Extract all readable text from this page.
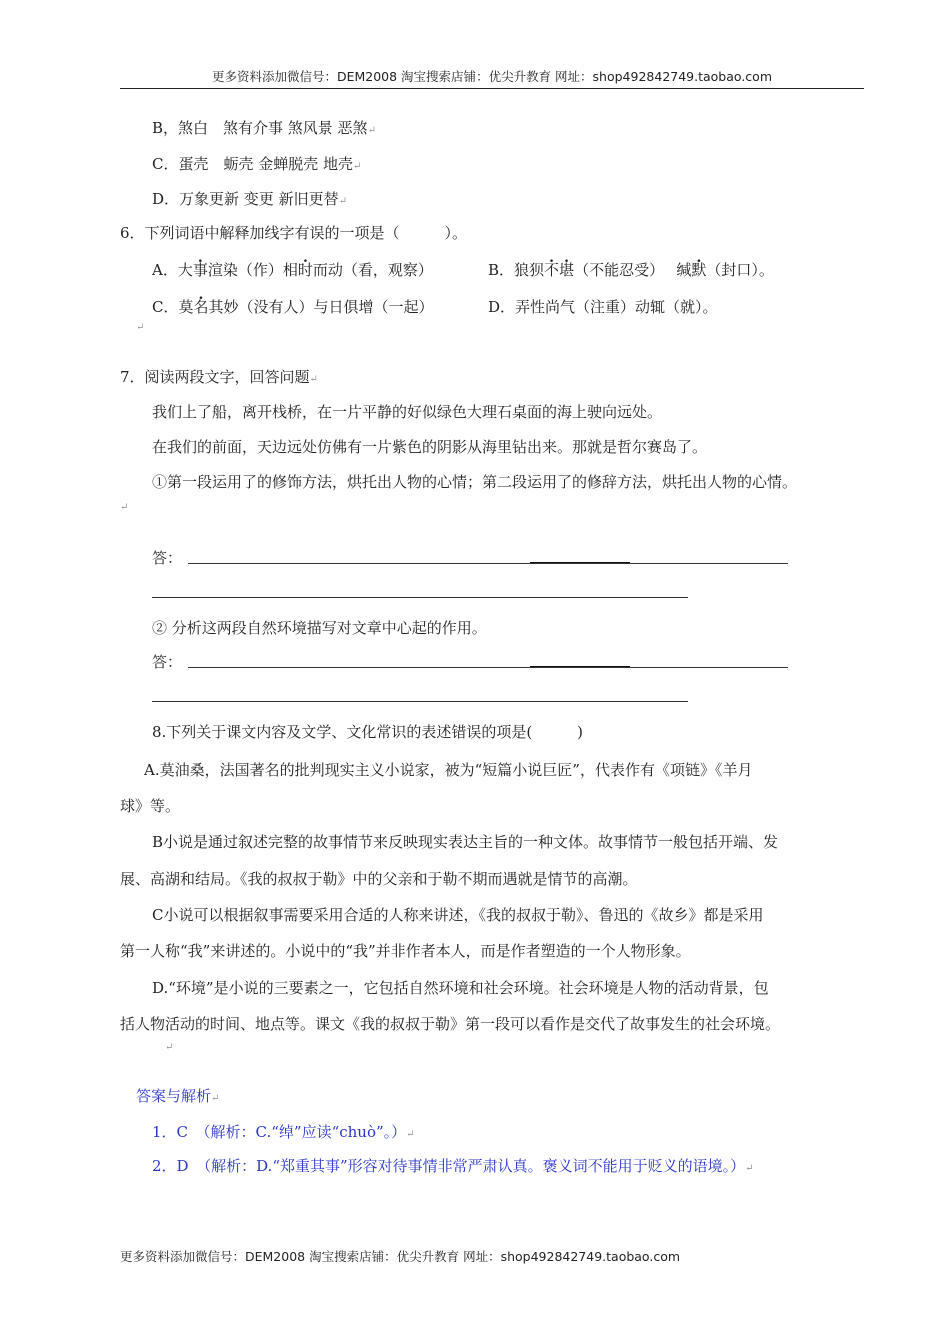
更多资料添加微信号：DEM2008 淘宝搜索店铺：优尖升教育 网址：shop492842749.taobao.com
B，煞白　煞有介事 煞风景 恶煞↵
C．蛋壳　蛎壳 金蝉脱壳 地壳↵
D．万象更新 变更 新旧更替↵
6．下列词语中解释加线字有误的一项是（　　　）。
A．大事渲染（作）相时而动（看，观察）	B．狼狈不堪（不能忍受）　 缄默（封口）。
C．莫名其妙（没有人）与日俱增（一起）	D．弄性尚气（注重）动辄（就）。
↵
7．阅读两段文字，回答问题↵
我们上了船，离开栈桥，在一片平静的好似绿色大理石桌面的海上驶向远处。
在我们的前面，天边远处仿佛有一片紫色的阴影从海里钻出来。那就是哲尔赛岛了。
①第一段运用了的修饰方法，烘托出人物的心情；第二段运用了的修辞方法，烘托出人物的心情。
↵
答：
② 分析这两段自然环境描写对文章中心起的作用。
答：
8.下列关于课文内容及文学、文化常识的表述错误的项是(　　　)
A.莫油桑，法国著名的批判现实主义小说家，被为“短篇小说巨匠”，代表作有《项链》《羊月
球》等。
B小说是通过叙述完整的故事情节来反映现实表达主旨的一种文体。故事情节一般包括开端、发
展、高湖和结局。《我的叔叔于勒》中的父亲和于勒不期而遇就是情节的高潮。
C小说可以根据叙事需要采用合适的人称来讲述，《我的叔叔于勒》、鲁迅的《故乡》都是采用
第一人称“我”来讲述的。小说中的“我”并非作者本人，而是作者塑造的一个人物形象。
D.“环境”是小说的三要素之一，它包括自然环境和社会环境。社会环境是人物的活动背景，包
括人物活动的时间、地点等。课文《我的叔叔于勒》第一段可以看作是交代了故事发生的社会环境。
↵
答案与解析↵
1．C　（解析：C.“绰”应读“chuò”。）↵
2．D　（解析：D.“郑重其事”形容对待事情非常严肃认真。褒义词不能用于贬义的语境。）↵
更多资料添加微信号：DEM2008 淘宝搜索店铺：优尖升教育 网址：shop492842749.taobao.com
